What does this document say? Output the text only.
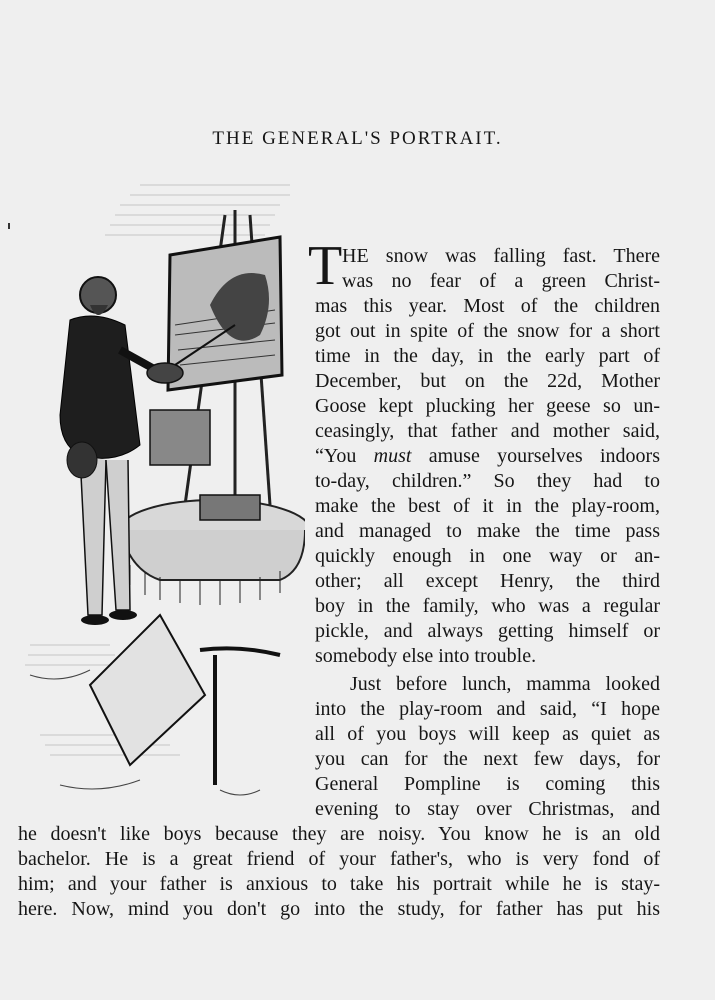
THE GENERAL'S PORTRAIT.
T HE snow was falling fast. There
was no fear of a green Christ-
mas this year. Most of the children
got out in spite of the snow for a short
time in the day, in the early part of
December, but on the 22d, Mother
Goose kept plucking her geese so un-
ceasingly, that father and mother said,
“You must amuse yourselves indoors
to-day, children.” So they had to
make the best of it in the play-room,
and managed to make the time pass
quickly enough in one way or an-
other; all except Henry, the third
boy in the family, who was a regular
pickle, and always getting himself or
somebody else into trouble.
Just before lunch, mamma looked
into the play-room and said, “I hope
all of you boys will keep as quiet as
you can for the next few days, for
General Pompline is coming this
evening to stay over Christmas, and
he doesn't like boys because they are noisy. You know he is an old
bachelor. He is a great friend of your father's, who is very fond of
him; and your father is anxious to take his portrait while he is stay-
here. Now, mind you don't go into the study, for father has put his
